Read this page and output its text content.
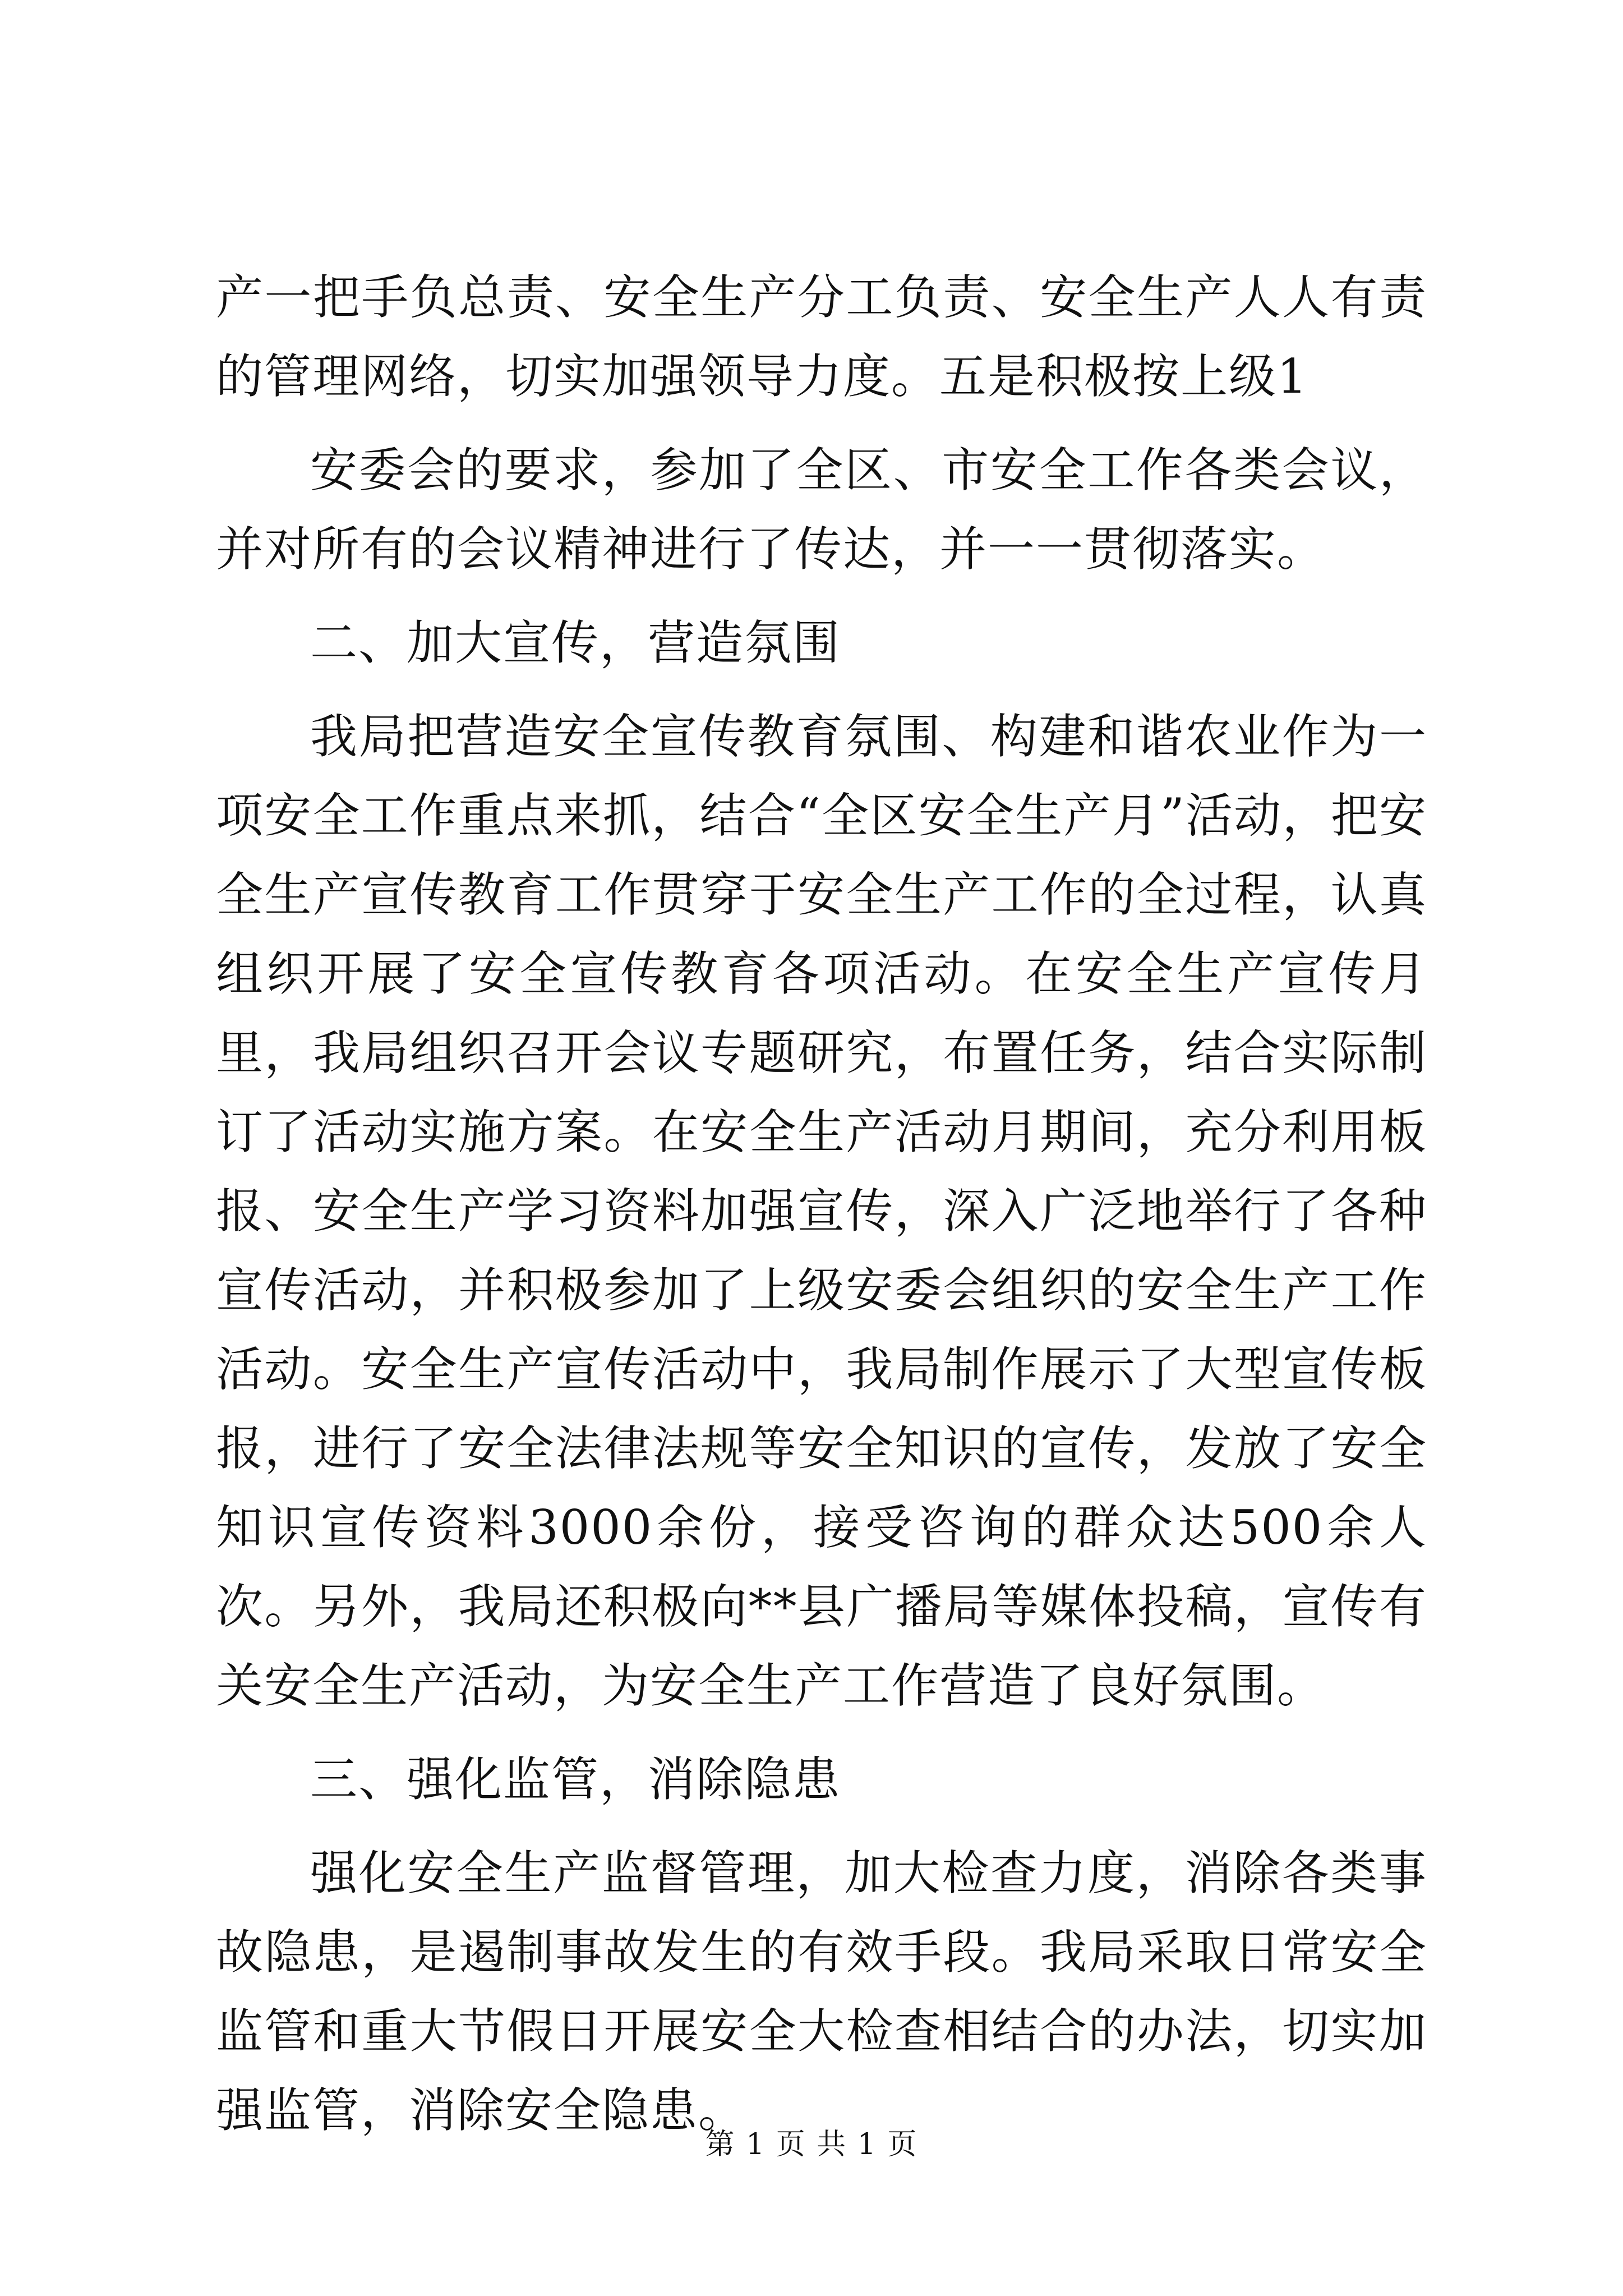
产一把手负总责、安全生产分工负责、安全生产人人有责的管理网络，切实加强领导力度。五是积极按上级1

安委会的要求，参加了全区、市安全工作各类会议，并对所有的会议精神进行了传达，并一一贯彻落实。

二、加大宣传，营造氛围

我局把营造安全宣传教育氛围、构建和谐农业作为一项安全工作重点来抓，结合“全区安全生产月”活动，把安全生产宣传教育工作贯穿于安全生产工作的全过程，认真组织开展了安全宣传教育各项活动。在安全生产宣传月里，我局组织召开会议专题研究，布置任务，结合实际制订了活动实施方案。在安全生产活动月期间，充分利用板报、安全生产学习资料加强宣传，深入广泛地举行了各种宣传活动，并积极参加了上级安委会组织的安全生产工作活动。安全生产宣传活动中，我局制作展示了大型宣传板报，进行了安全法律法规等安全知识的宣传，发放了安全知识宣传资料3000余份，接受咨询的群众达500余人次。另外，我局还积极向**县广播局等媒体投稿，宣传有关安全生产活动，为安全生产工作营造了良好氛围。

三、强化监管，消除隐患

强化安全生产监督管理，加大检查力度，消除各类事故隐患，是遏制事故发生的有效手段。我局采取日常安全监管和重大节假日开展安全大检查相结合的办法，切实加强监管，消除安全隐患。

第 1 页 共 1 页
